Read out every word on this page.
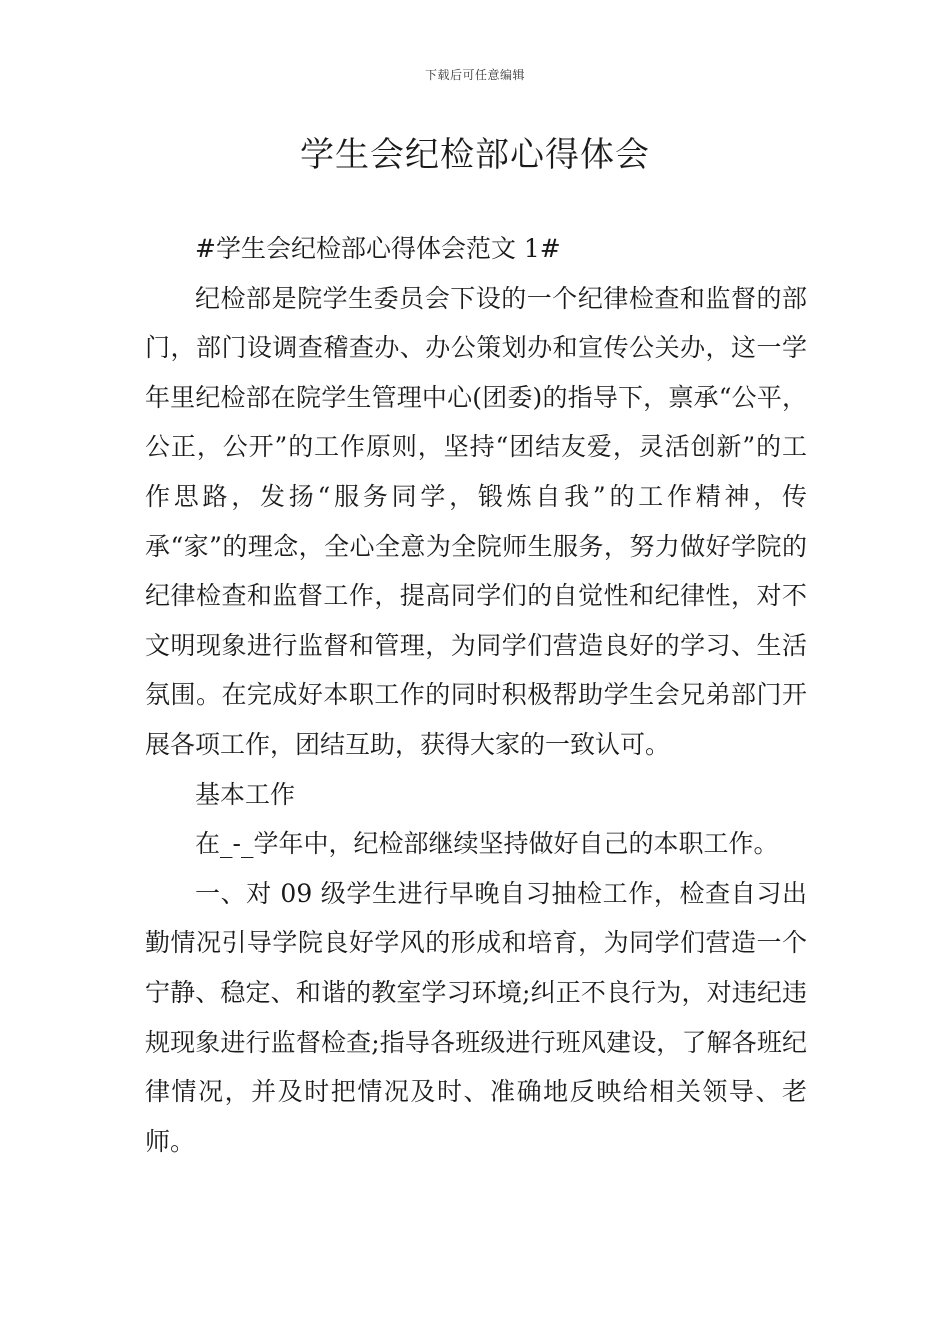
下载后可任意编辑
学生会纪检部心得体会

#学生会纪检部心得体会范文 1#

纪检部是院学生委员会下设的一个纪律检查和监督的部门，部门设调查稽查办、办公策划办和宣传公关办，这一学年里纪检部在院学生管理中心(团委)的指导下，禀承“公平，公正，公开”的工作原则，坚持“团结友爱，灵活创新”的工作思路，发扬“服务同学，锻炼自我”的工作精神，传承“家”的理念，全心全意为全院师生服务，努力做好学院的纪律检查和监督工作，提高同学们的自觉性和纪律性，对不文明现象进行监督和管理，为同学们营造良好的学习、生活氛围。在完成好本职工作的同时积极帮助学生会兄弟部门开展各项工作，团结互助，获得大家的一致认可。

基本工作

在_-_学年中，纪检部继续坚持做好自己的本职工作。

一、对 09 级学生进行早晚自习抽检工作，检查自习出勤情况引导学院良好学风的形成和培育，为同学们营造一个宁静、稳定、和谐的教室学习环境;纠正不良行为，对违纪违规现象进行监督检查;指导各班级进行班风建设，了解各班纪律情况，并及时把情况及时、准确地反映给相关领导、老师。
